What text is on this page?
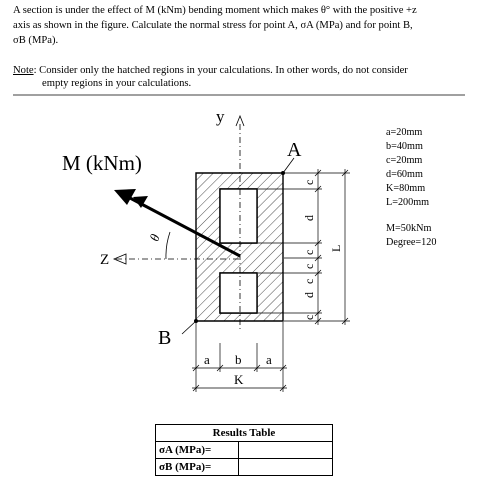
A section is under the effect of M (kNm) bending moment which makes θ° with the positive +z
axis as shown in the figure. Calculate the normal stress for point A, σA (MPa) and for point B,
σB (MPa).
Note: Consider only the hatched regions in your calculations. In other words, do not consider
empty regions in your calculations.
y
Z
M (kNm)
θ
A
B
a b a
K
c
d
c
c
c
d
c
L
a=20mm
b=40mm
c=20mm
d=60mm
K=80mm
L=200mm
M=50kNm
Degree=120
Results Table	
σA (MPa)=	
σB (MPa)=	
